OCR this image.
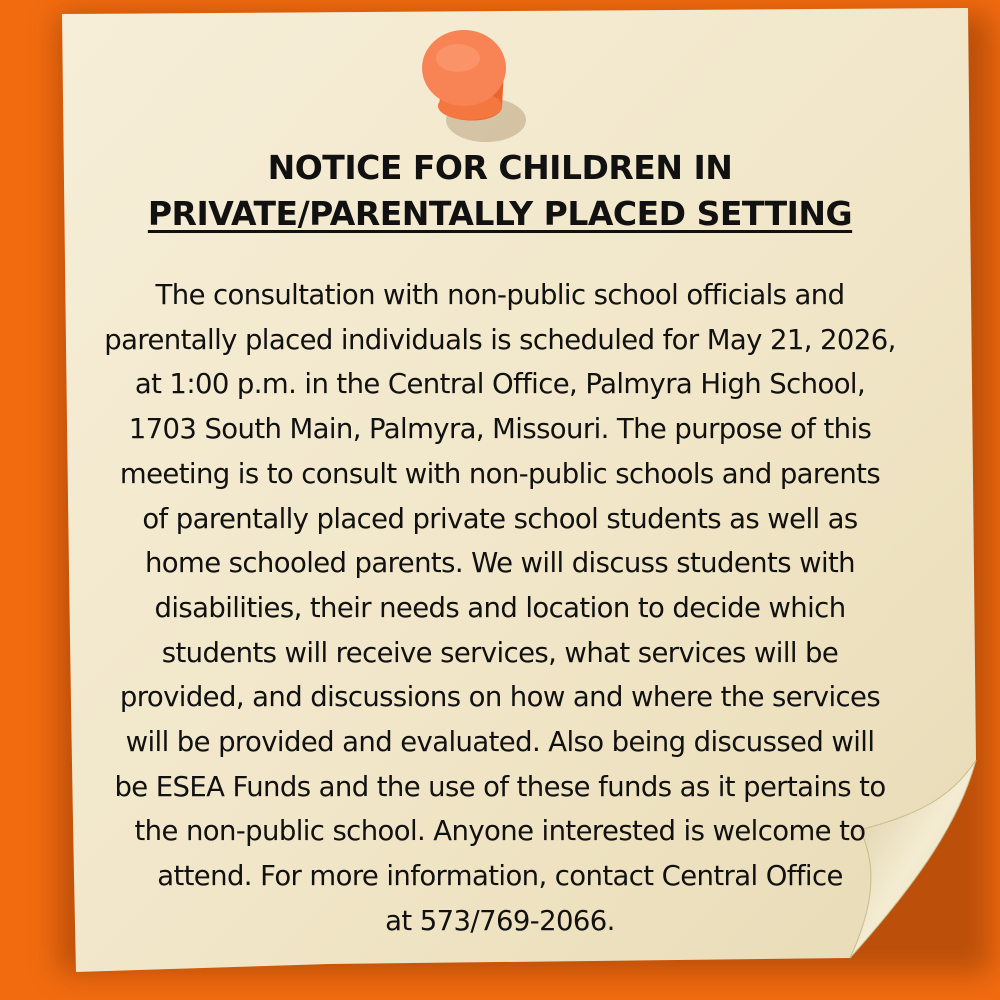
NOTICE FOR CHILDREN IN
PRIVATE/PARENTALLY PLACED SETTING
The consultation with non-public school officials and
parentally placed individuals is scheduled for May 21, 2026,
at 1:00 p.m. in the Central Office, Palmyra High School,
1703 South Main, Palmyra, Missouri. The purpose of this
meeting is to consult with non-public schools and parents
of parentally placed private school students as well as
home schooled parents. We will discuss students with
disabilities, their needs and location to decide which
students will receive services, what services will be
provided, and discussions on how and where the services
will be provided and evaluated. Also being discussed will
be ESEA Funds and the use of these funds as it pertains to
the non-public school. Anyone interested is welcome to
attend. For more information, contact Central Office
at 573/769-2066.
